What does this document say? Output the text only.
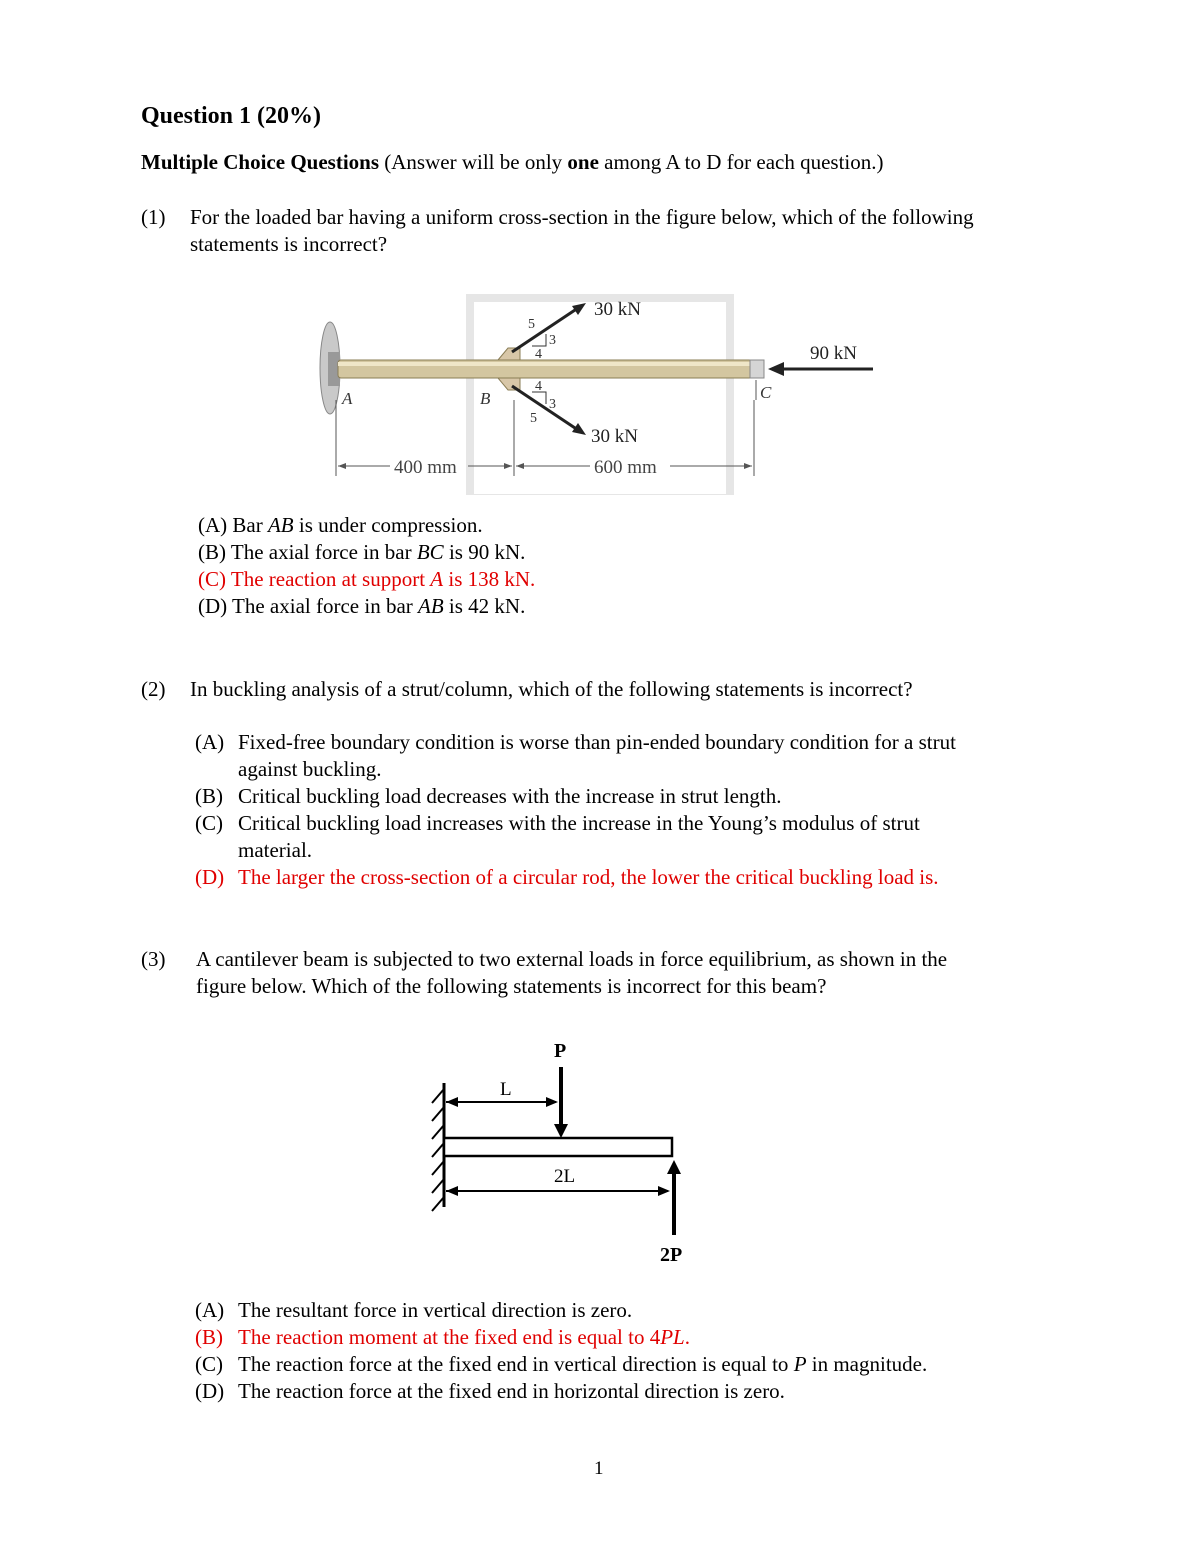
Question 1 (20%)
Multiple Choice Questions (Answer will be only one among A to D for each question.)
(1) For the loaded bar having a uniform cross-section in the figure below, which of the following
statements is incorrect?
5
3
4
30 kN
4
3
5
30 kN
90 kN
A	B	C
400 mm	600 mm
(A) Bar AB is under compression.
(B) The axial force in bar BC is 90 kN.
(C) The reaction at support A is 138 kN.
(D) The axial force in bar AB is 42 kN.
(2) In buckling analysis of a strut/column, which of the following statements is incorrect?
(A) Fixed-free boundary condition is worse than pin-ended boundary condition for a strut
against buckling.
(B) Critical buckling load decreases with the increase in strut length.
(C) Critical buckling load increases with the increase in the Young’s modulus of strut
material.
(D) The larger the cross-section of a circular rod, the lower the critical buckling load is.
(3) A cantilever beam is subjected to two external loads in force equilibrium, as shown in the
figure below. Which of the following statements is incorrect for this beam?
P
L
2L
2P
(A) The resultant force in vertical direction is zero.
(B) The reaction moment at the fixed end is equal to 4PL.
(C) The reaction force at the fixed end in vertical direction is equal to P in magnitude.
(D) The reaction force at the fixed end in horizontal direction is zero.
1
